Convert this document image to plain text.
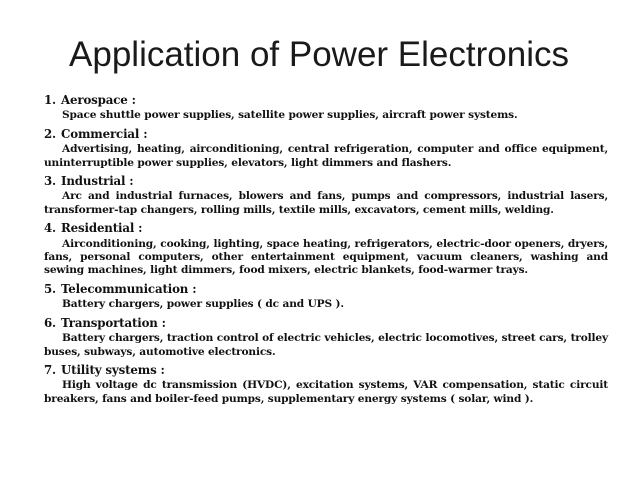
Application of Power Electronics
1. Aerospace :

Space shuttle power supplies, satellite power supplies, aircraft power systems.

2. Commercial :

Advertising, heating, airconditioning, central refrigeration, computer and office equipment, uninterruptible power supplies, elevators, light dimmers and flashers.

3. Industrial :

Arc and industrial furnaces, blowers and fans, pumps and compressors, industrial lasers, transformer-tap changers, rolling mills, textile mills, excavators, cement mills, welding.

4. Residential :

Airconditioning, cooking, lighting, space heating, refrigerators, electric-door openers, dryers, fans, personal computers, other entertainment equipment, vacuum cleaners, washing and sewing machines, light dimmers, food mixers, electric blankets, food-warmer trays.

5. Telecommunication :

Battery chargers, power supplies ( dc and UPS ).

6. Transportation :

Battery chargers, traction control of electric vehicles, electric locomotives, street cars, trolley buses, subways, automotive electronics.

7. Utility systems :

High voltage dc transmission (HVDC), excitation systems, VAR compensation, static circuit breakers, fans and boiler-feed pumps, supplementary energy systems ( solar, wind ).
